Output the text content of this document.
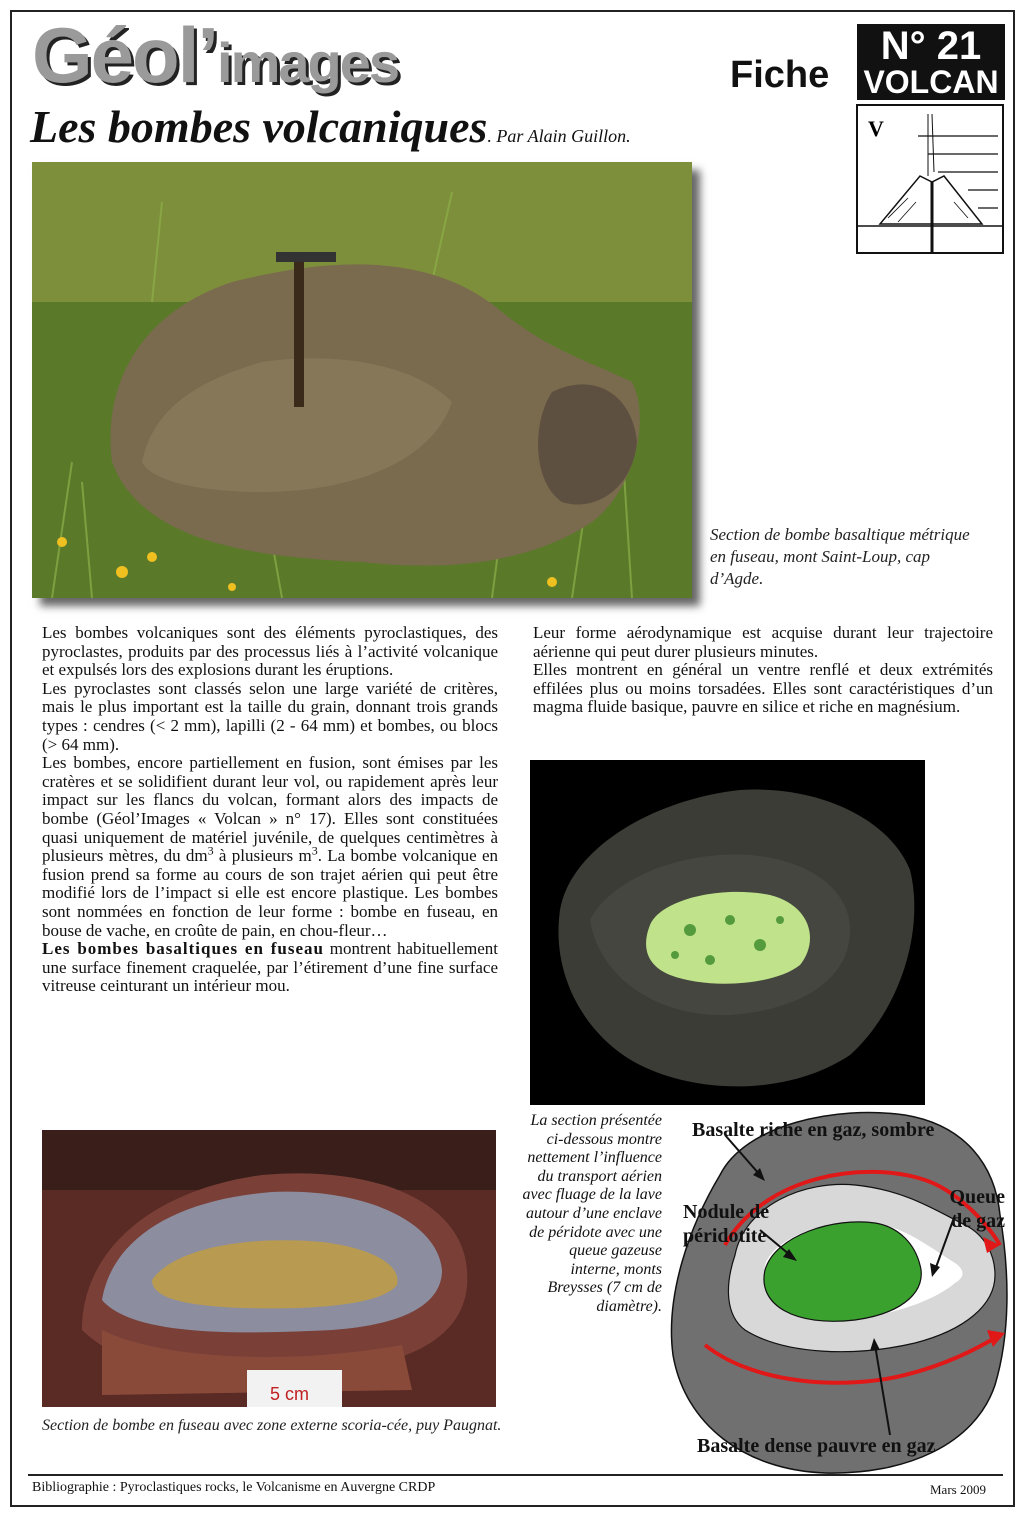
Géol’images	Fiche
N° 21
VOLCAN
V
Les bombes volcaniques. Par Alain Guillon.
Section de bombe basaltique métrique en fuseau, mont Saint-Loup, cap d’Agde.

Les bombes volcaniques sont des éléments pyroclastiques, des pyroclastes, produits par des processus liés à l’activité volcanique et expulsés lors des explosions durant les éruptions.

Les pyroclastes sont classés selon une large variété de critères, mais le plus important est la taille du grain, donnant trois grands types : cendres (< 2 mm), lapilli (2 - 64 mm) et bombes, ou blocs (> 64 mm).

Les bombes, encore partiellement en fusion, sont émises par les cratères et se solidifient durant leur vol, ou rapidement après leur impact sur les flancs du volcan, formant alors des impacts de bombe (Géol’Images « Volcan » n° 17). Elles sont constituées quasi uniquement de matériel juvénile, de quelques centimètres à plusieurs mètres, du $dm^3$ à plusieurs $m^3$. La bombe volcanique en fusion prend sa forme au cours de son trajet aérien qui peut être modifié lors de l’impact si elle est encore plastique. Les bombes sont nommées en fonction de leur forme : bombe en fuseau, en bouse de vache, en croûte de pain, en chou-fleur…

Les bombes basaltiques en fuseau montrent habituellement une surface finement craquelée, par l’étirement d’une fine surface vitreuse ceinturant un intérieur mou.

Leur forme aérodynamique est acquise durant leur trajectoire aérienne qui peut durer plusieurs minutes.

Elles montrent en général un ventre renflé et deux extrémités effilées plus ou moins torsadées. Elles sont caractéristiques d’un magma fluide basique, pauvre en silice et riche en magnésium.

La section présentée ci-dessous montre nettement l’influence du transport aérien avec fluage de la lave autour d’une enclave de péridote avec une queue gazeuse interne, monts Breysses (7 cm de diamètre).
5 cm
Section de bombe en fuseau avec zone externe scoria-cée, puy Paugnat.
Basalte riche en gaz, sombre
Nodule de péridotite
Queue de gaz
Basalte dense pauvre en gaz
Bibliographie : Pyroclastiques rocks, le Volcanisme en Auvergne CRDP	Mars 2009
